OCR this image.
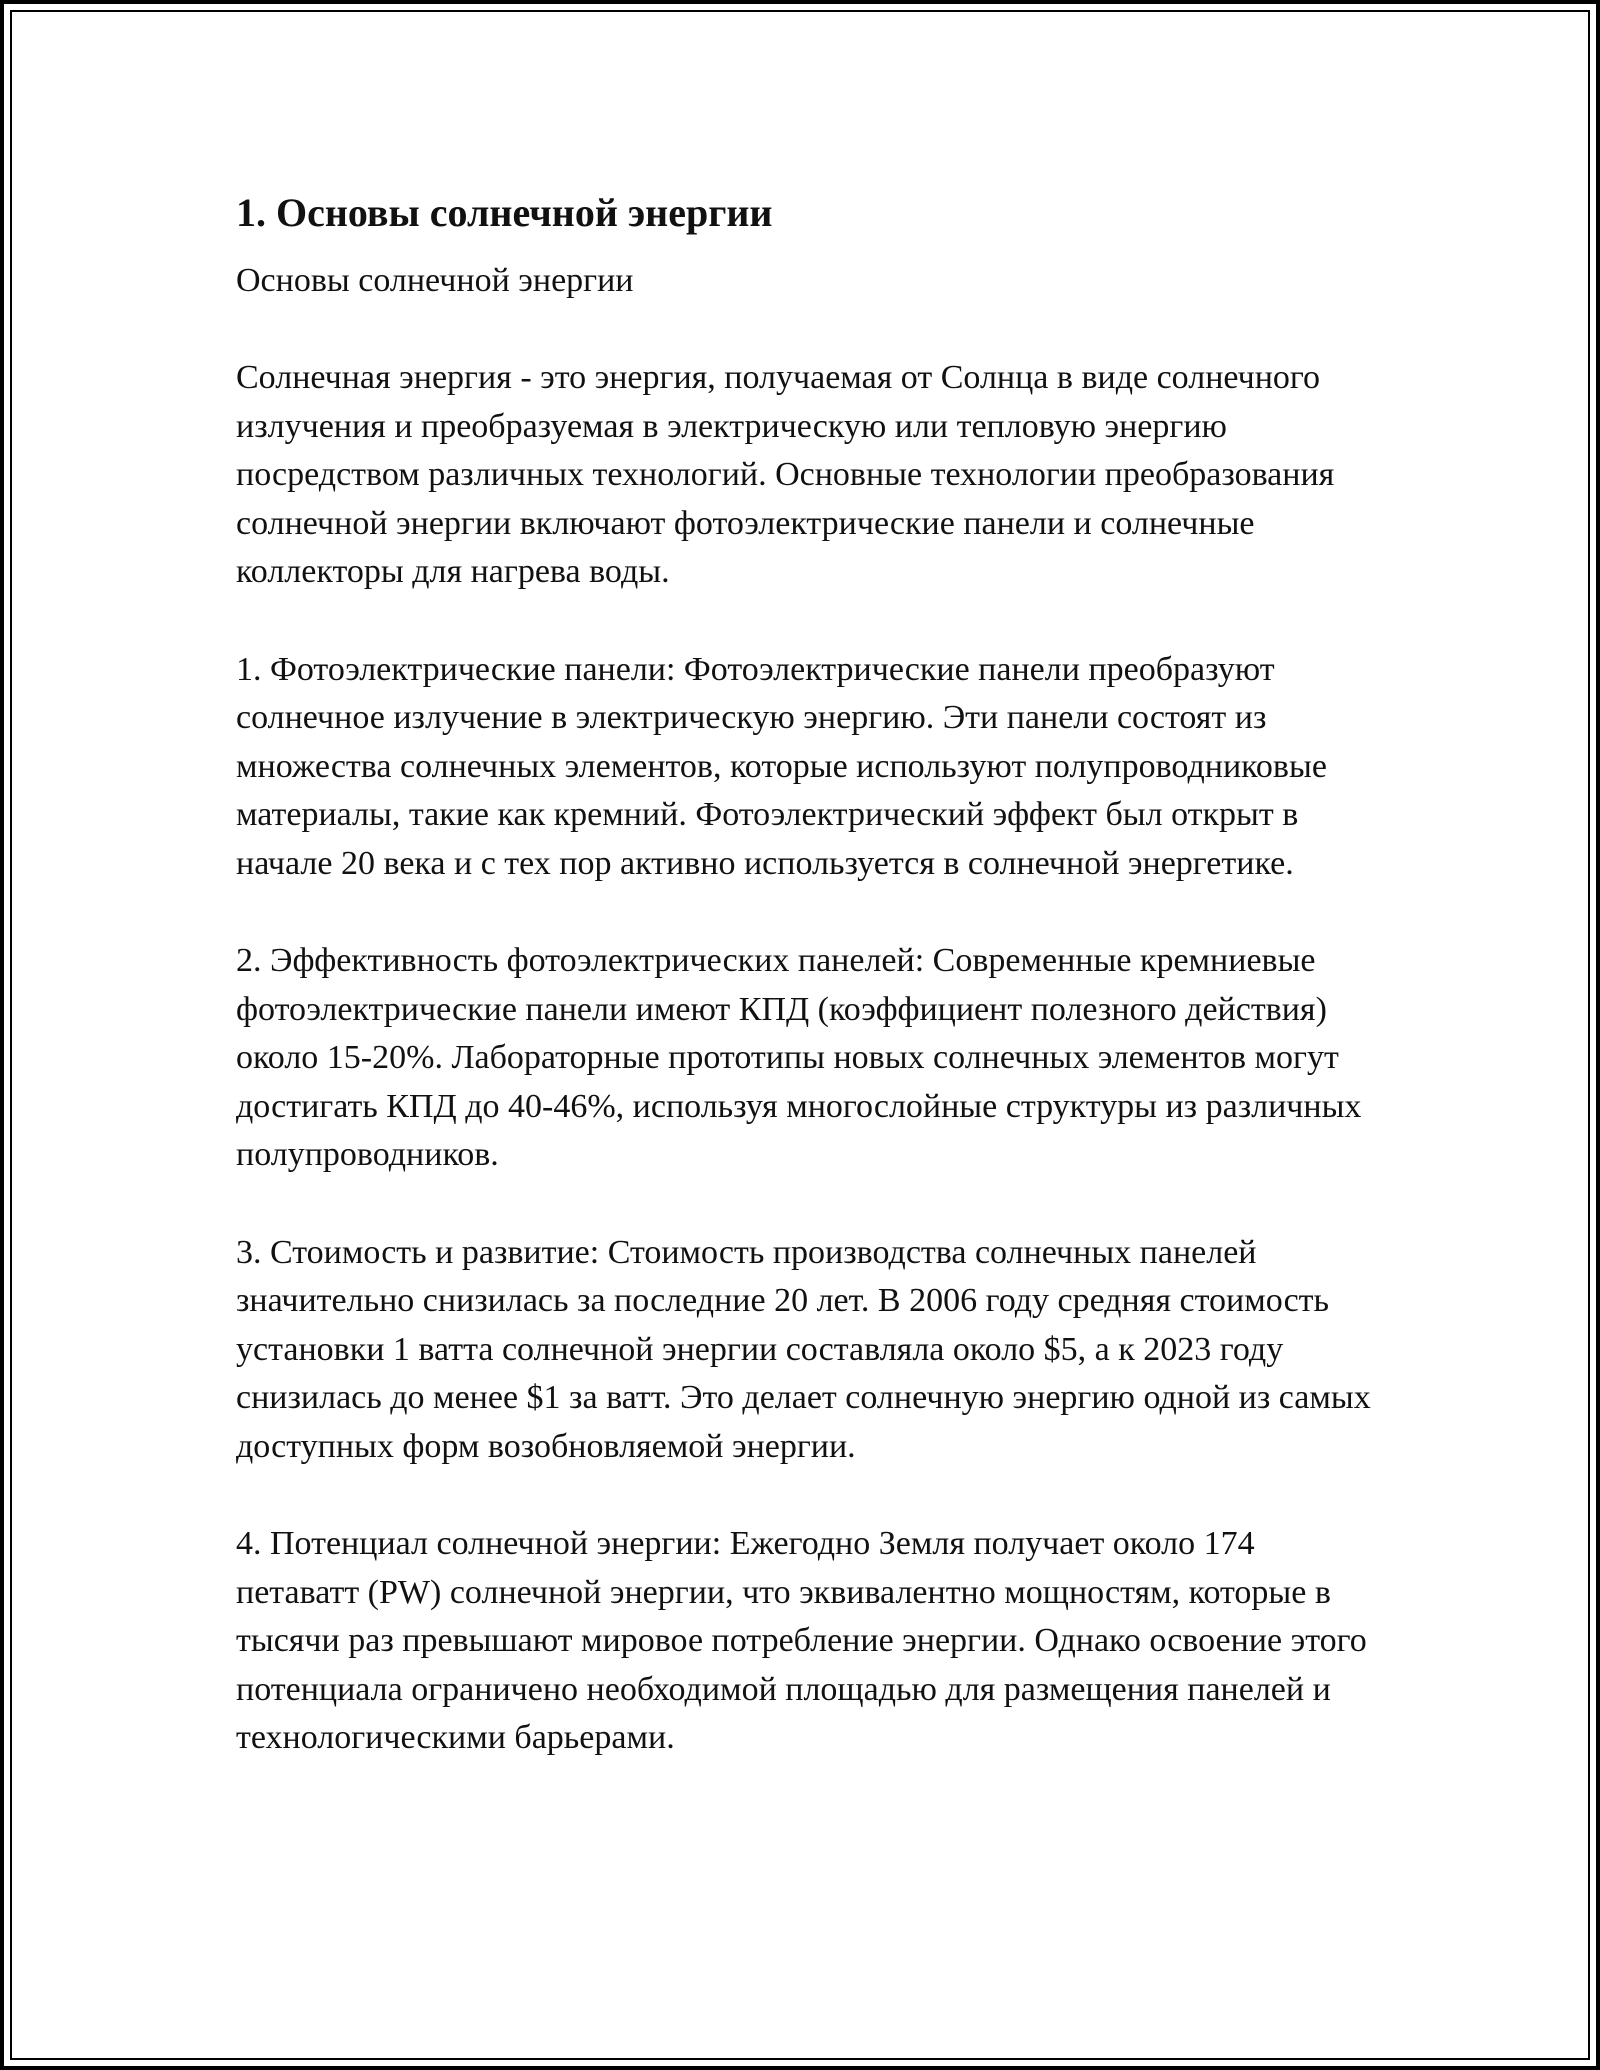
1. Основы солнечной энергии
Основы солнечной энергии
Солнечная энергия - это энергия, получаемая от Солнца в виде солнечного излучения и преобразуемая в электрическую или тепловую энергию посредством различных технологий. Основные технологии преобразования солнечной энергии включают фотоэлектрические панели и солнечные коллекторы для нагрева воды.
1. Фотоэлектрические панели: Фотоэлектрические панели преобразуют солнечное излучение в электрическую энергию. Эти панели состоят из множества солнечных элементов, которые используют полупроводниковые материалы, такие как кремний. Фотоэлектрический эффект был открыт в начале 20 века и с тех пор активно используется в солнечной энергетике.
2. Эффективность фотоэлектрических панелей: Современные кремниевые фотоэлектрические панели имеют КПД (коэффициент полезного действия) около 15-20%. Лабораторные прототипы новых солнечных элементов могут достигать КПД до 40-46%, используя многослойные структуры из различных полупроводников.
3. Стоимость и развитие: Стоимость производства солнечных панелей значительно снизилась за последние 20 лет. В 2006 году средняя стоимость установки 1 ватта солнечной энергии составляла около $5, а к 2023 году снизилась до менее $1 за ватт. Это делает солнечную энергию одной из самых доступных форм возобновляемой энергии.
4. Потенциал солнечной энергии: Ежегодно Земля получает около 174 петаватт (PW) солнечной энергии, что эквивалентно мощностям, которые в тысячи раз превышают мировое потребление энергии. Однако освоение этого потенциала ограничено необходимой площадью для размещения панелей и технологическими барьерами.
